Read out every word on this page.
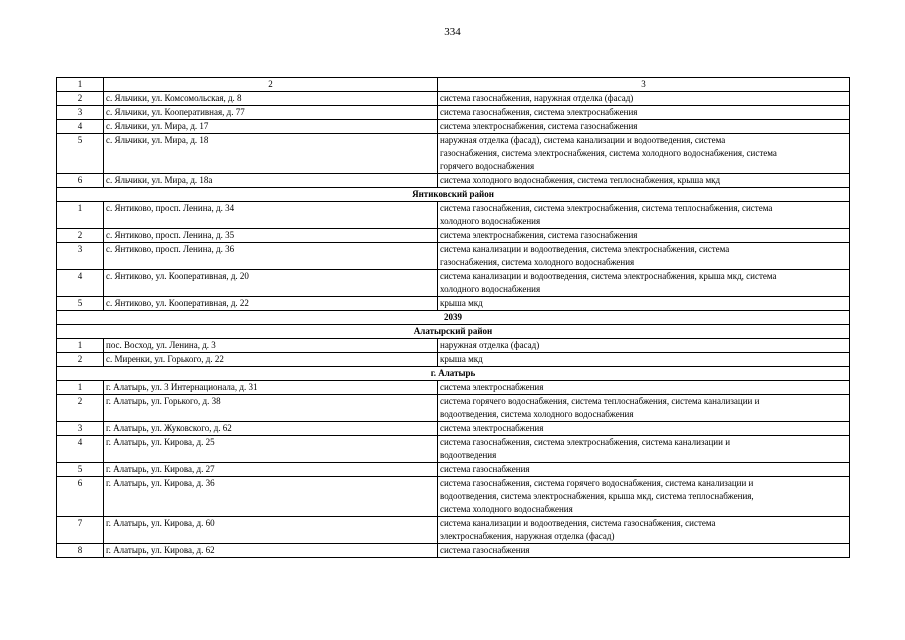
334
1	2	3
2	с. Яльчики, ул. Комсомольская, д. 8	система газоснабжения, наружная отделка (фасад)

3	с. Яльчики, ул. Кооперативная, д. 77	система газоснабжения, система электроснабжения

4	с. Яльчики, ул. Мира, д. 17	система электроснабжения, система газоснабжения

5	с. Яльчики, ул. Мира, д. 18	наружная отделка (фасад), система канализации и водоотведения, система
газоснабжения, система электроснабжения, система холодного водоснабжения, система
горячего водоснабжения

6	с. Яльчики, ул. Мира, д. 18а	система холодного водоснабжения, система теплоснабжения, крыша мкд

Янтиковский район		
1	с. Янтиково, просп. Ленина, д. 34	система газоснабжения, система электроснабжения, система теплоснабжения, система
холодного водоснабжения

2	с. Янтиково, просп. Ленина, д. 35	система электроснабжения, система газоснабжения

3	с. Янтиково, просп. Ленина, д. 36	система канализации и водоотведения, система электроснабжения, система
газоснабжения, система холодного водоснабжения

4	с. Янтиково, ул. Кооперативная, д. 20	система канализации и водоотведения, система электроснабжения, крыша мкд, система
холодного водоснабжения

5	с. Янтиково, ул. Кооперативная, д. 22	крыша мкд

2039		
Алатырский район		
1	пос. Восход, ул. Ленина, д. 3	наружная отделка (фасад)

2	с. Миренки, ул. Горького, д. 22	крыша мкд

г. Алатырь		
1	г. Алатырь, ул. 3 Интернационала, д. 31	система электроснабжения

2	г. Алатырь, ул. Горького, д. 38	система горячего водоснабжения, система теплоснабжения, система канализации и
водоотведения, система холодного водоснабжения

3	г. Алатырь, ул. Жуковского, д. 62	система электроснабжения

4	г. Алатырь, ул. Кирова, д. 25	система газоснабжения, система электроснабжения, система канализации и
водоотведения

5	г. Алатырь, ул. Кирова, д. 27	система газоснабжения

6	г. Алатырь, ул. Кирова, д. 36	система газоснабжения, система горячего водоснабжения, система канализации и
водоотведения, система электроснабжения, крыша мкд, система теплоснабжения,
система холодного водоснабжения

7	г. Алатырь, ул. Кирова, д. 60	система канализации и водоотведения, система газоснабжения, система
электроснабжения, наружная отделка (фасад)

8	г. Алатырь, ул. Кирова, д. 62	система газоснабжения
